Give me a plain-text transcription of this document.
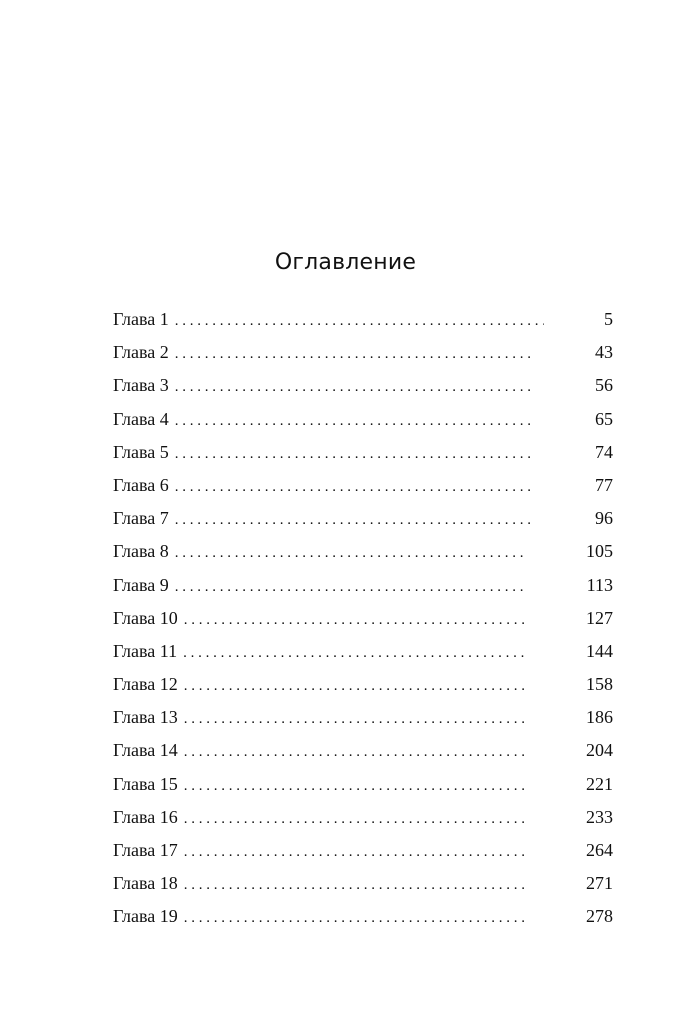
Оглавление
Глава 1 . . .	5
Глава 2 . . .	43
Глава 3 . . .	56
Глава 4 . . .	65
Глава 5 . . .	74
Глава 6 . . .	77
Глава 7 . . .	96
Глава 8 . . .	105
Глава 9 . . .	113
Глава 10 . . .	127
Глава 11 . . .	144
Глава 12 . . .	158
Глава 13 . . .	186
Глава 14 . . .	204
Глава 15 . . .	221
Глава 16 . . .	233
Глава 17 . . .	264
Глава 18 . . .	271
Глава 19 . . .	278
